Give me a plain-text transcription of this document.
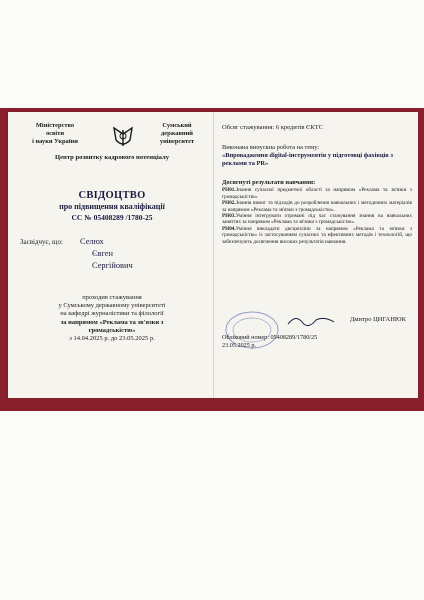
Міністерство
освіти
і науки України
Сумський
державний
університет
Центр розвитку кадрового потенціалу
СВІДОЦТВО
про підвищення кваліфікації
СС № 05408289 /1780-25
Засвідчує, що: Селюх
Євген
Сергійович
проходив стажування
у Сумському державному університеті
на кафедрі журналістики та філології
за напрямом «Реклама та зв'язки з
громадськістю»
з 14.04.2025 р. до 23.05.2025 р.
Обсяг стажування: 6 кредитів ЄКТС
Виконана випускна робота на тему:
«Впровадження digital-інструментів у підготовці фахівців з реклами та PR»
Досягнуті результати навчання:
РН01.Знання сучасної предметної області за напрямом «Реклама та зв'язки з громадськістю».
РН02.Знання вимог та підходів до розроблення навчальних і методичних матеріалів за напрямом «Реклама та зв'язки з громадськістю».
РН03.Уміння інтегрувати отримані під час стажування знання на навчальних заняттях за напрямом «Реклама та зв'язки з громадськістю».
РН04.Уміння викладати дисципліни за напрямом «Реклама та зв'язки з громадськістю» із застосуванням сучасних та ефективних методів і технологій, що забезпечують досягнення високих результатів навчання.
Дмитро ЦИГАНЮК
Обліковий номер: 05408289/1780/25
23.05.2025 р.
